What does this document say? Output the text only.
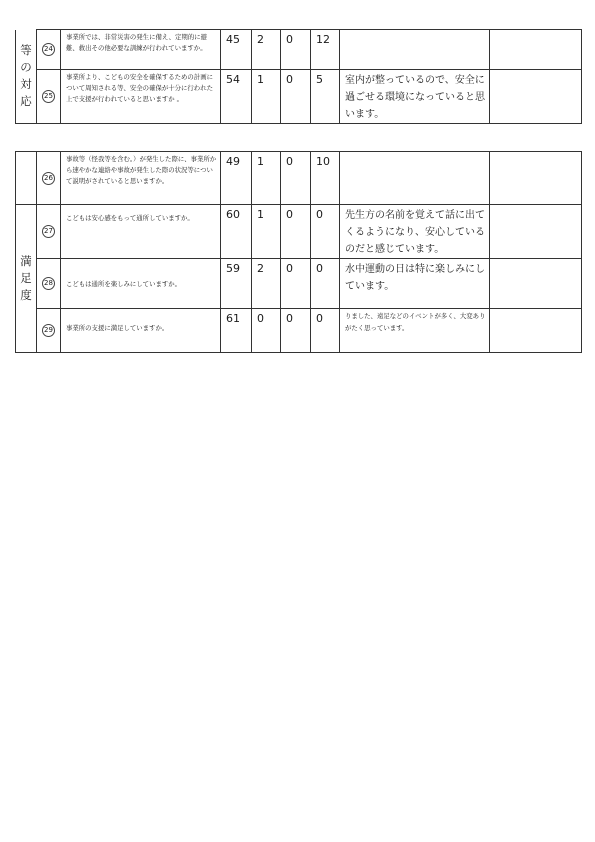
等
の
対
応	24	事業所では、非常災害の発生に備え、定期的に避難、救出その他必要な訓練が行われていますか。	45	2	0	12		
	25	事業所より、こどもの安全を確保するための計画について周知される等、安全の確保が十分に行われた上で支援が行われていると思いますか 。	54	1	0	5	室内が整っているので、安全に過ごせる環境になっていると思います。	
	26	事故等（怪我等を含む。）が発生した際に、事業所から速やかな連絡や事故が発生した際の状況等について説明がされていると思いますか。	49	1	0	10		

満
足
度	27	こどもは安心感をもって通所していますか。	60	1	0	0	先生方の名前を覚えて話に出てくるようになり、安心しているのだと感じています。	
	28	こどもは通所を楽しみにしていますか。	59	2	0	0	水中運動の日は特に楽しみにしています。	
	29	事業所の支援に満足していますか。	61	0	0	0	りました、遠足などのイベントが多く、大変ありがたく思っています。	
